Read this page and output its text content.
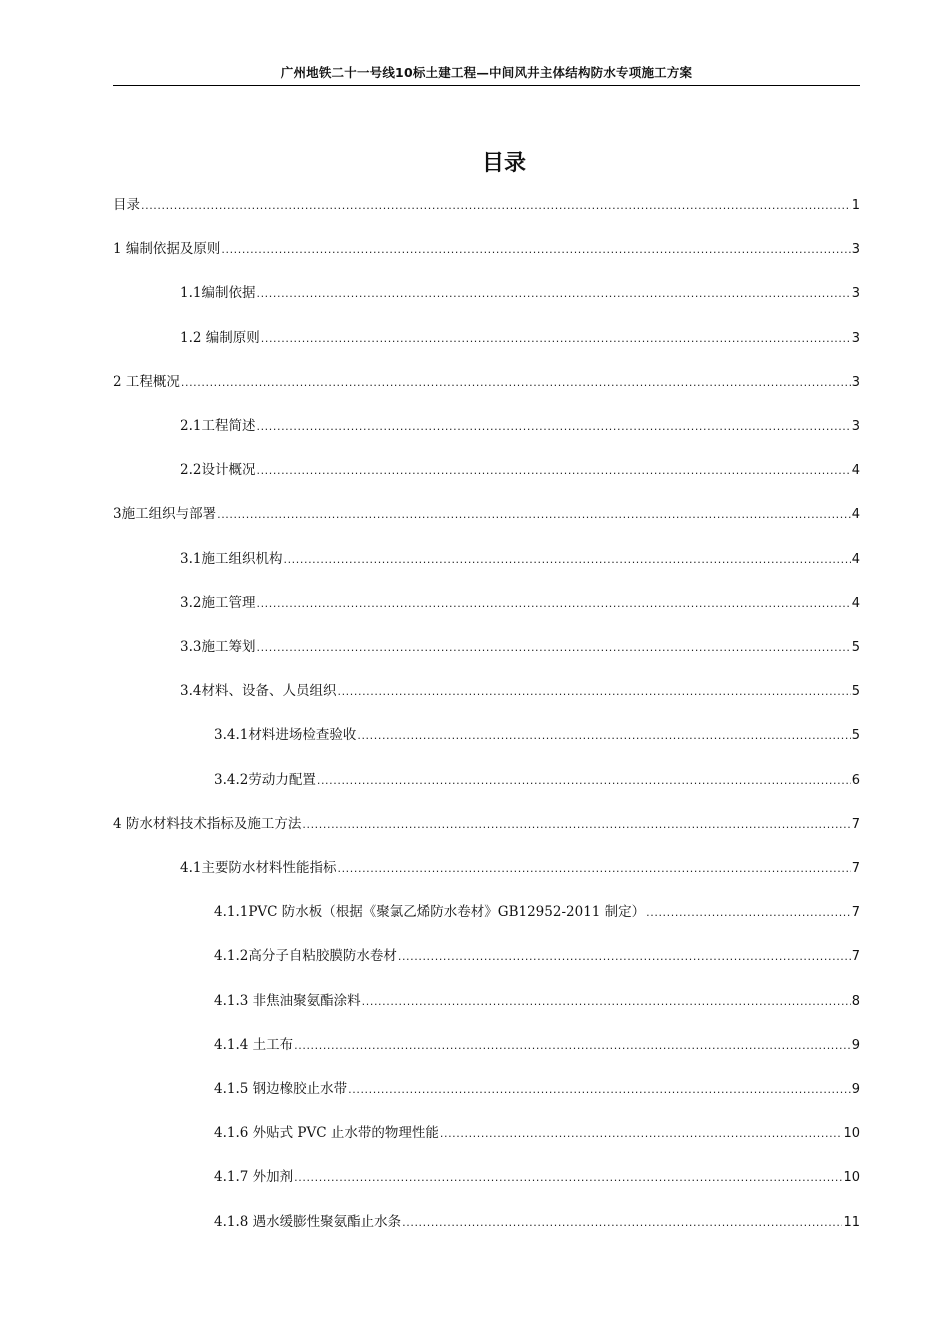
广州地铁二十一号线10标土建工程—中间风井主体结构防水专项施工方案
目录
目录 .....	1
1 编制依据及原则 .....	3
1.1编制依据 .....	3
1.2 编制原则 .....	3
2 工程概况 .....	3
2.1工程简述 .....	3
2.2设计概况 .....	4
3施工组织与部署 .....	4
3.1施工组织机构 .....	4
3.2施工管理 .....	4
3.3施工筹划 .....	5
3.4材料、设备、人员组织 .....	5
3.4.1材料进场检查验收 .....	5
3.4.2劳动力配置 .....	6
4 防水材料技术指标及施工方法 .....	7
4.1主要防水材料性能指标 .....	7
4.1.1PVC 防水板（根据《聚氯乙烯防水卷材》GB12952-2011 制定） .....	7
4.1.2高分子自粘胶膜防水卷材 .....	7
4.1.3 非焦油聚氨酯涂料 .....	8
4.1.4 土工布 .....	9
4.1.5 钢边橡胶止水带 .....	9
4.1.6 外贴式 PVC 止水带的物理性能 .....	10
4.1.7 外加剂 .....	10
4.1.8 遇水缓膨性聚氨酯止水条 .....	11
